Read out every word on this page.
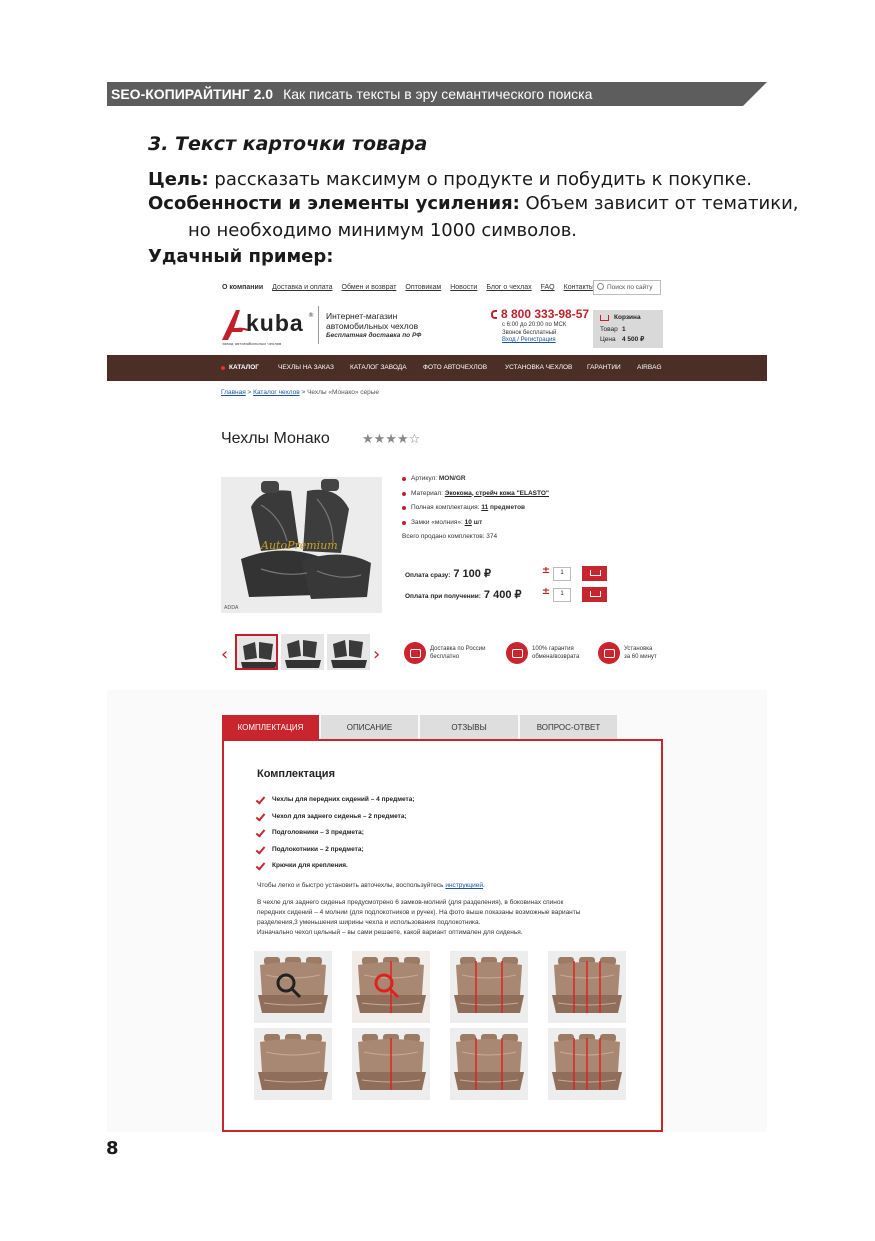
SEO-КОПИРАЙТИНГ 2.0 Как писать тексты в эру семантического поиска
3. Текст карточки товара
Цель: рассказать максимум о продукте и побудить к покупке.
Особенности и элементы усиления: Объем зависит от тематики,
но необходимо минимум 1000 символов.
Удачный пример:
О компании Доставка и оплата Обмен и возврат Оптовикам Новости Блог о чехлах FAQ Контакты	Поиск по сайту
kuba ®
завод автомобильных чехлов
Интернет-магазин
автомобильных чехлов
Бесплатная доставка по РФ
8 800 333-98-57
с 6:00 до 20:00 по МСК
Звонок бесплатный
Вход / Регистрация
Корзина
Товар 1
Цена 4 500 ₽
КАТАЛОГ	ЧЕХЛЫ НА ЗАКАЗ КАТАЛОГ ЗАВОДА	ФОТО АВТОЧЕХЛОВ	УСТАНОВКА ЧЕХЛОВ ГАРАНТИИ	AIRBAG
Главная > Каталог чехлов > Чехлы «Монако» серые
Чехлы Монако ★★★★☆
AutoPremium
ADDA
Артикул: MON/GR
Материал: Экокожа, стрейч кожа "ELASTO"
Полная комплектация: 11 предметов
Замки «молния»: 10 шт
Всего продано комплектов: 374
Оплата сразу: 7 100 ₽	±	1
Оплата при получении: 7 400 ₽ ±	1
‹	›	Доставка по России
бесплатно
100% гарантия
обмена/возврата
Установка
за 60 минут
КОМПЛЕКТАЦИЯ	ОПИСАНИЕ	ОТЗЫВЫ	ВОПРОС-ОТВЕТ
Комплектация
Чехлы для передних сидений – 4 предмета;
Чехол для заднего сиденья – 2 предмета;
Подголовники – 3 предмета;
Подлокотники – 2 предмета;
Крючки для крепления.
Чтобы легко и быстро установить авточехлы, воспользуйтесь инструкцией.
В чехле для заднего сиденья предусмотрено 6 замков-молний (для разделения), в боковинах спинок
передних сидений – 4 молнии (для подлокотников и ручек). На фото выше показаны возможные варианты
разделения,3 уменьшения ширины чехла и использования подлокотника.
Изначально чехол цельный – вы сами решаете, какой вариант оптимален для сиденья.
8
